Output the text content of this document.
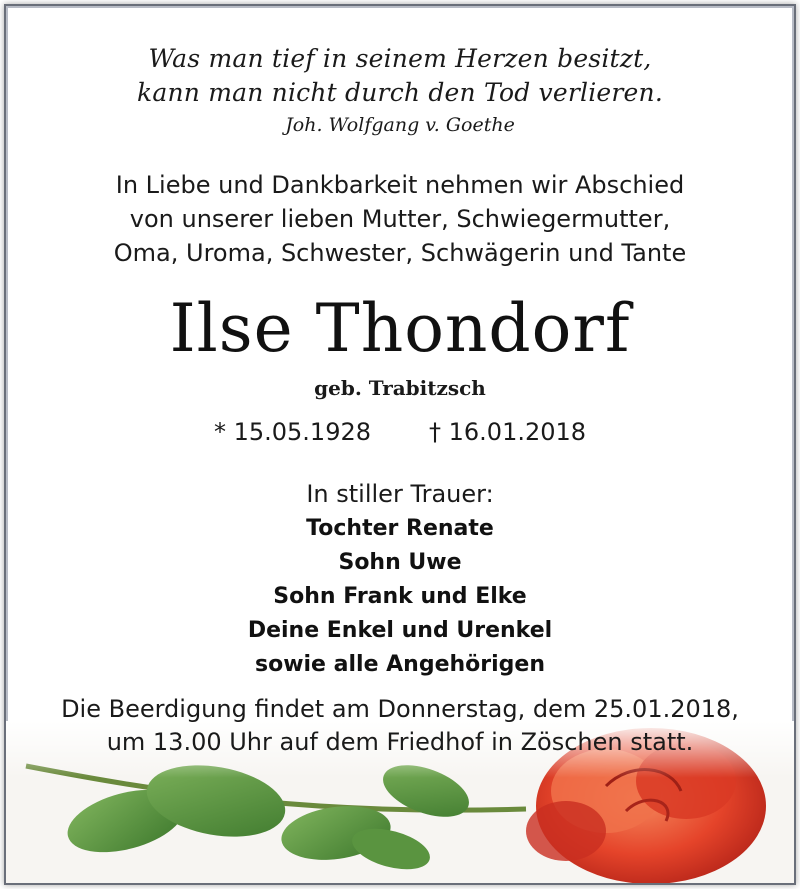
Was man tief in seinem Herzen besitzt,
kann man nicht durch den Tod verlieren.
Joh. Wolfgang v. Goethe
In Liebe und Dankbarkeit nehmen wir Abschied
von unserer lieben Mutter, Schwiegermutter,
Oma, Uroma, Schwester, Schwägerin und Tante
Ilse Thondorf
geb. Trabitzsch
* 15.05.1928 † 16.01.2018
In stiller Trauer:
Tochter Renate
Sohn Uwe
Sohn Frank und Elke
Deine Enkel und Urenkel
sowie alle Angehörigen
Die Beerdigung findet am Donnerstag, dem 25.01.2018,
um 13.00 Uhr auf dem Friedhof in Zöschen statt.
